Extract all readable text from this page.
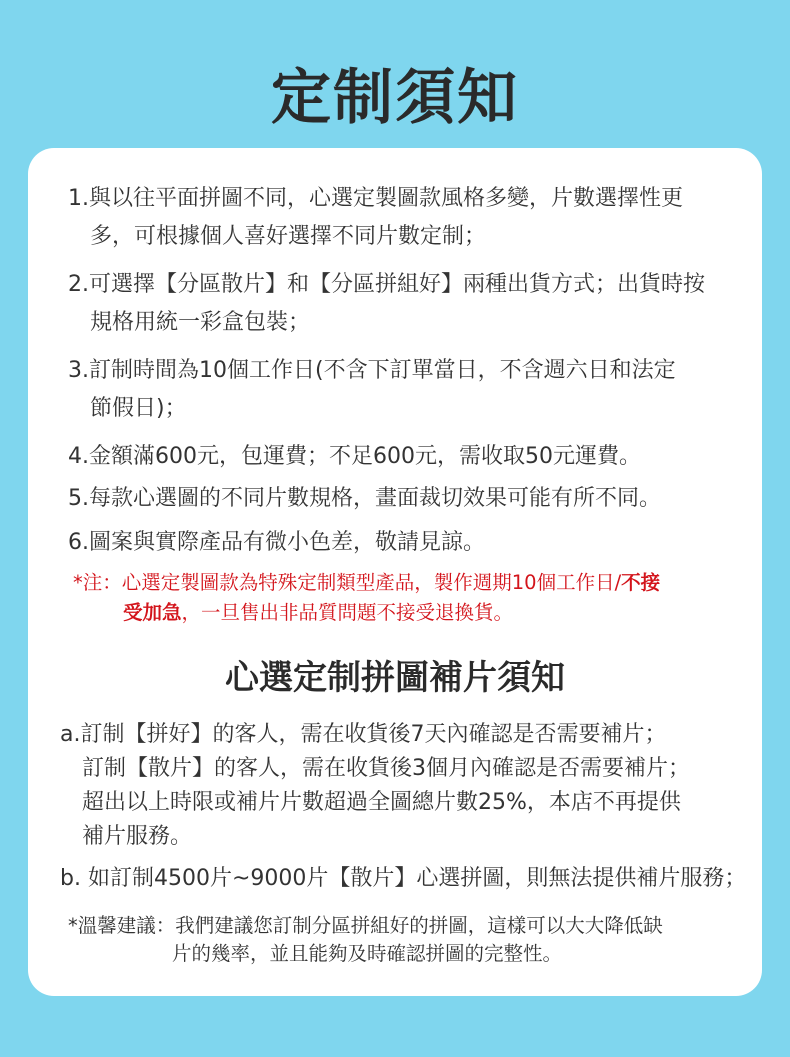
定制須知
1.與以往平面拼圖不同，心選定製圖款風格多變，片數選擇性更
多，可根據個人喜好選擇不同片數定制；
2.可選擇【分區散片】和【分區拼組好】兩種出貨方式；出貨時按
規格用統一彩盒包裝；
3.訂制時間為10個工作日(不含下訂單當日，不含週六日和法定
節假日)；
4.金額滿600元，包運費；不足600元，需收取50元運費。
5.每款心選圖的不同片數規格，畫面裁切效果可能有所不同。
6.圖案與實際產品有微小色差，敬請見諒。
*注：心選定製圖款為特殊定制類型產品，製作週期10個工作日/不接
受加急，一旦售出非品質問題不接受退換貨。
心選定制拼圖補片須知
a.訂制【拼好】的客人，需在收貨後7天內確認是否需要補片；
訂制【散片】的客人，需在收貨後3個月內確認是否需要補片；
超出以上時限或補片片數超過全圖總片數25%，本店不再提供
補片服務。
b. 如訂制4500片~9000片【散片】心選拼圖，則無法提供補片服務；
*溫馨建議：我們建議您訂制分區拼組好的拼圖，這樣可以大大降低缺
片的幾率，並且能夠及時確認拼圖的完整性。
